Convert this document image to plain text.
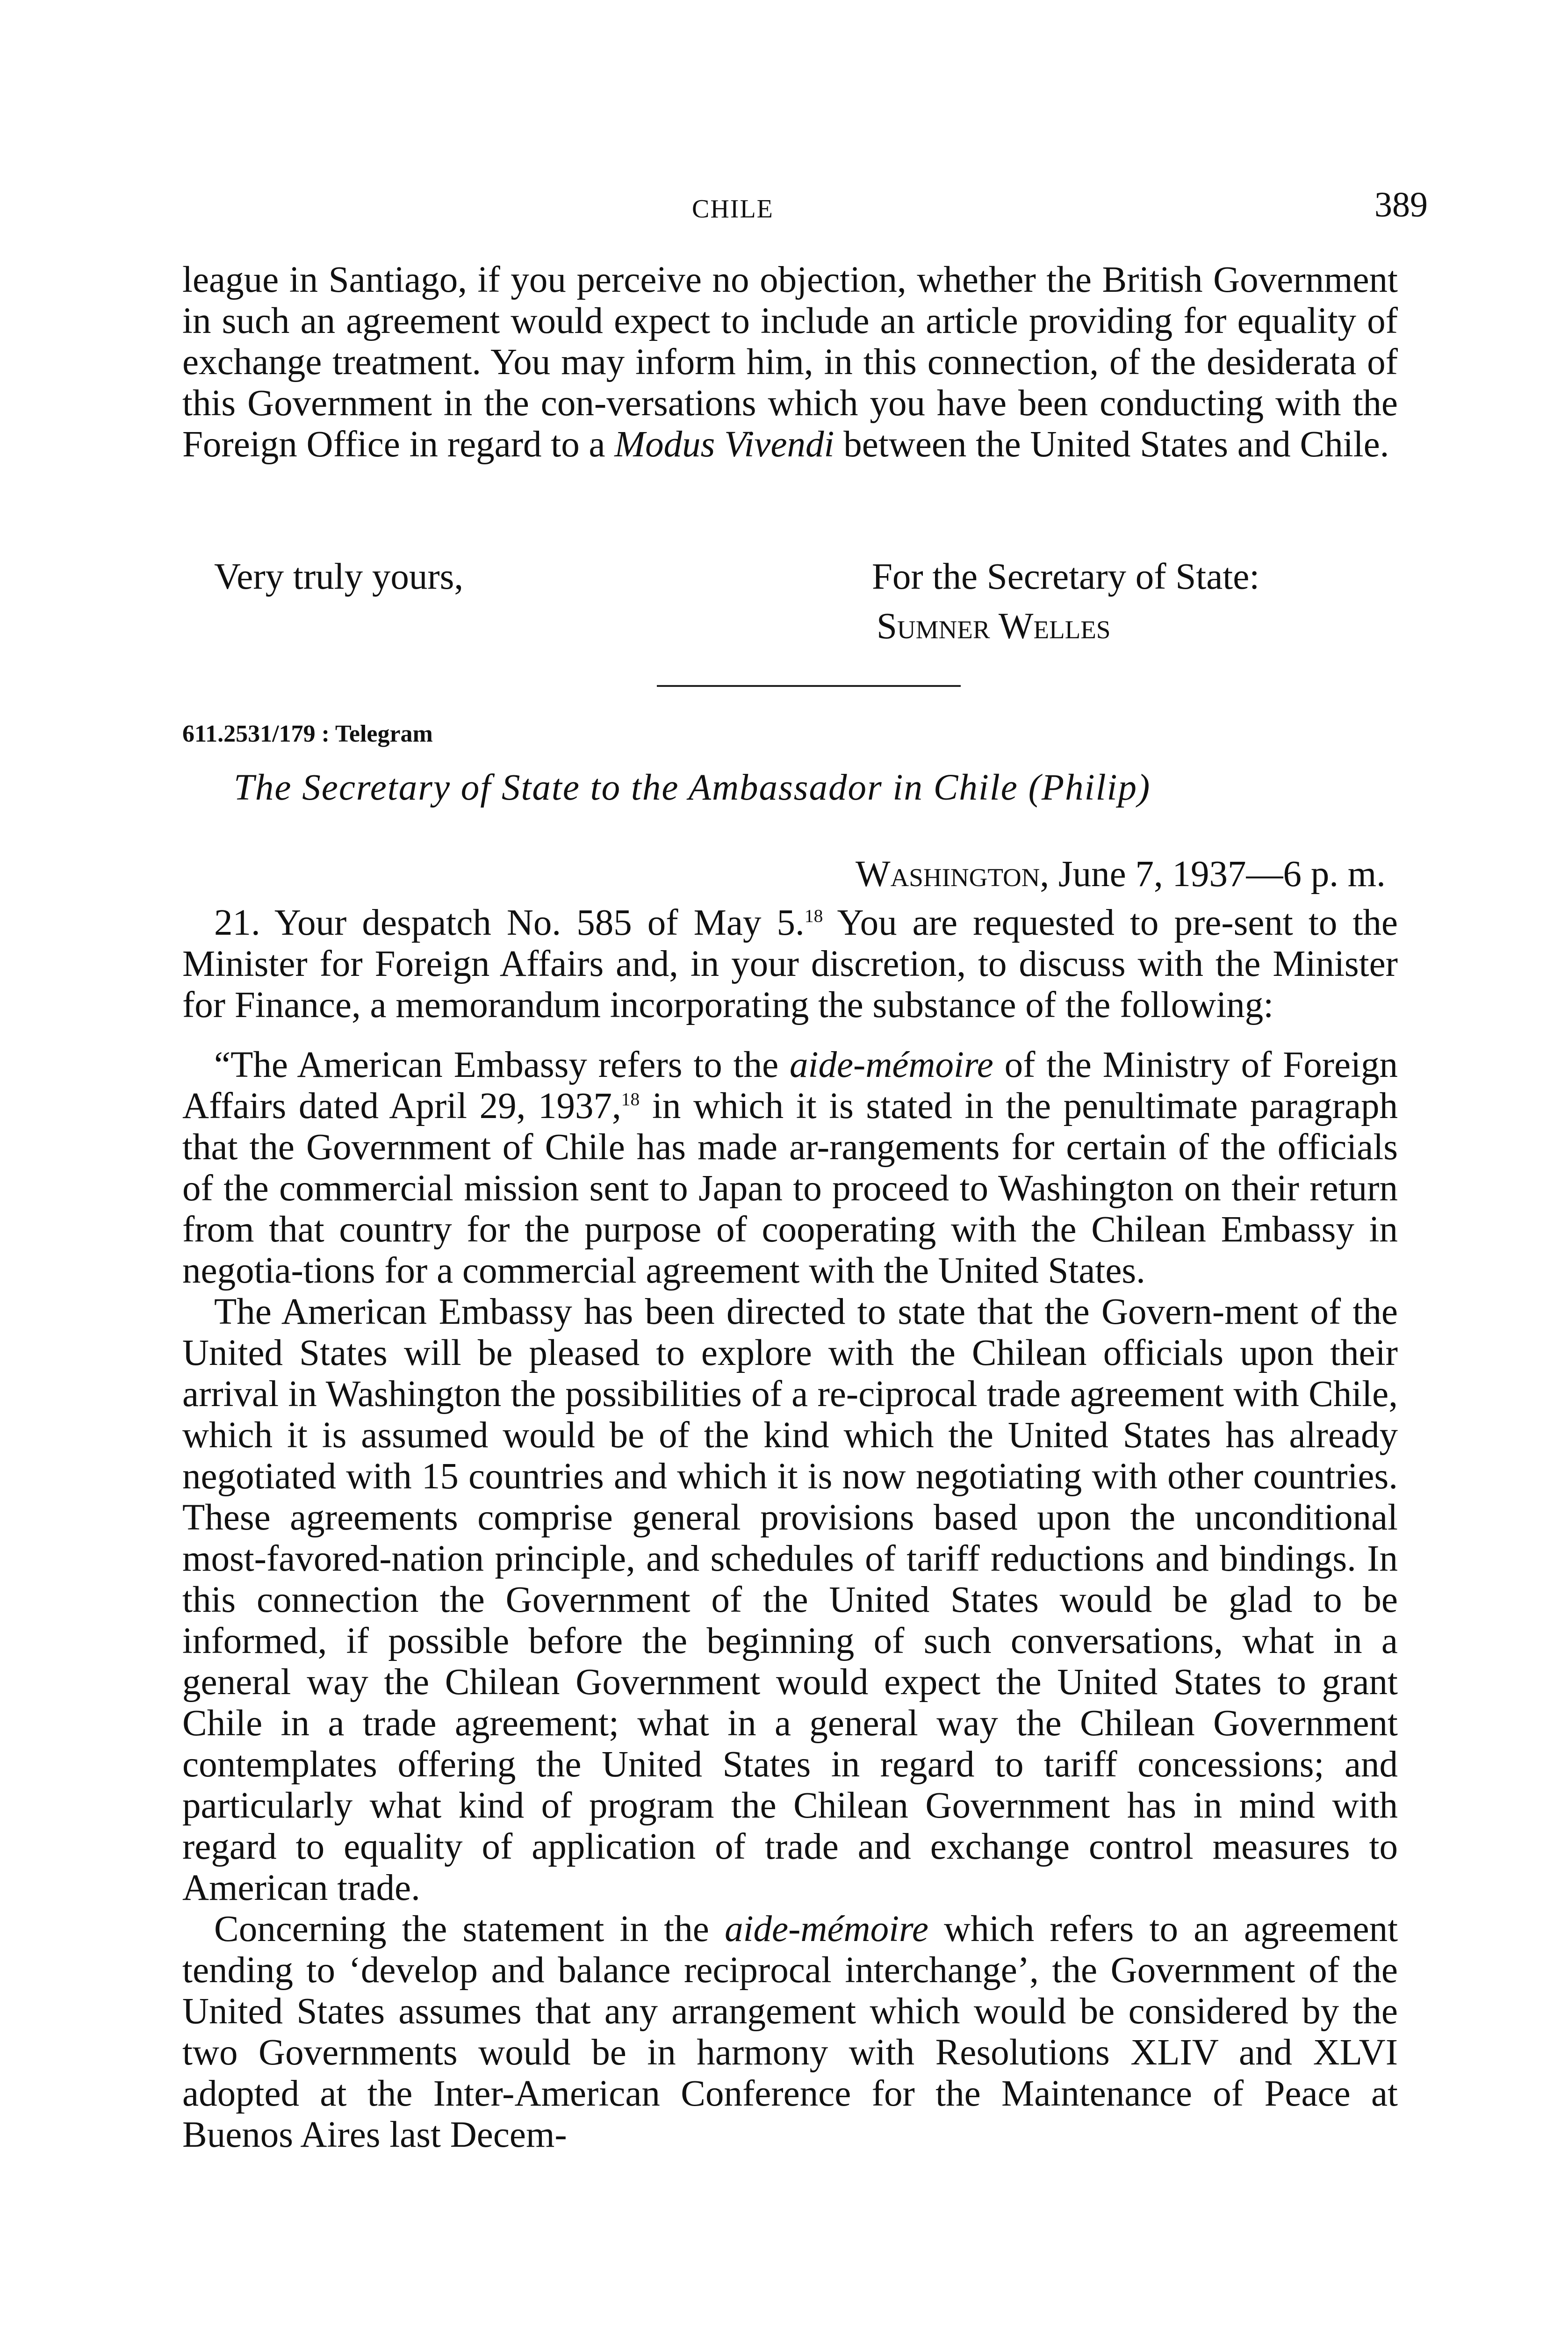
CHILE	389

league in Santiago, if you perceive no objection, whether the British Government in such an agreement would expect to include an article providing for equality of exchange treatment. You may inform him, in this connection, of the desiderata of this Government in the con-versations which you have been conducting with the Foreign Office in regard to a Modus Vivendi between the United States and Chile.

Very truly yours,	For the Secretary of State:
Sumner Welles
611.2531/179 : Telegram
The Secretary of State to the Ambassador in Chile (Philip)
Washington, June 7, 1937—6 p. m.

21. Your despatch No. 585 of May 5.18 You are requested to pre-sent to the Minister for Foreign Affairs and, in your discretion, to discuss with the Minister for Finance, a memorandum incorporating the substance of the following:

“The American Embassy refers to the aide-mémoire of the Ministry of Foreign Affairs dated April 29, 1937,18 in which it is stated in the penultimate paragraph that the Government of Chile has made ar-rangements for certain of the officials of the commercial mission sent to Japan to proceed to Washington on their return from that country for the purpose of cooperating with the Chilean Embassy in negotia-tions for a commercial agreement with the United States.

The American Embassy has been directed to state that the Govern-ment of the United States will be pleased to explore with the Chilean officials upon their arrival in Washington the possibilities of a re-ciprocal trade agreement with Chile, which it is assumed would be of the kind which the United States has already negotiated with 15 countries and which it is now negotiating with other countries. These agreements comprise general provisions based upon the unconditional most-favored-nation principle, and schedules of tariff reductions and bindings. In this connection the Government of the United States would be glad to be informed, if possible before the beginning of such conversations, what in a general way the Chilean Government would expect the United States to grant Chile in a trade agreement; what in a general way the Chilean Government contemplates offering the United States in regard to tariff concessions; and particularly what kind of program the Chilean Government has in mind with regard to equality of application of trade and exchange control measures to American trade.

Concerning the statement in the aide-mémoire which refers to an agreement tending to ‘develop and balance reciprocal interchange’, the Government of the United States assumes that any arrangement which would be considered by the two Governments would be in harmony with Resolutions XLIV and XLVI adopted at the Inter-American Conference for the Maintenance of Peace at Buenos Aires last Decem-
